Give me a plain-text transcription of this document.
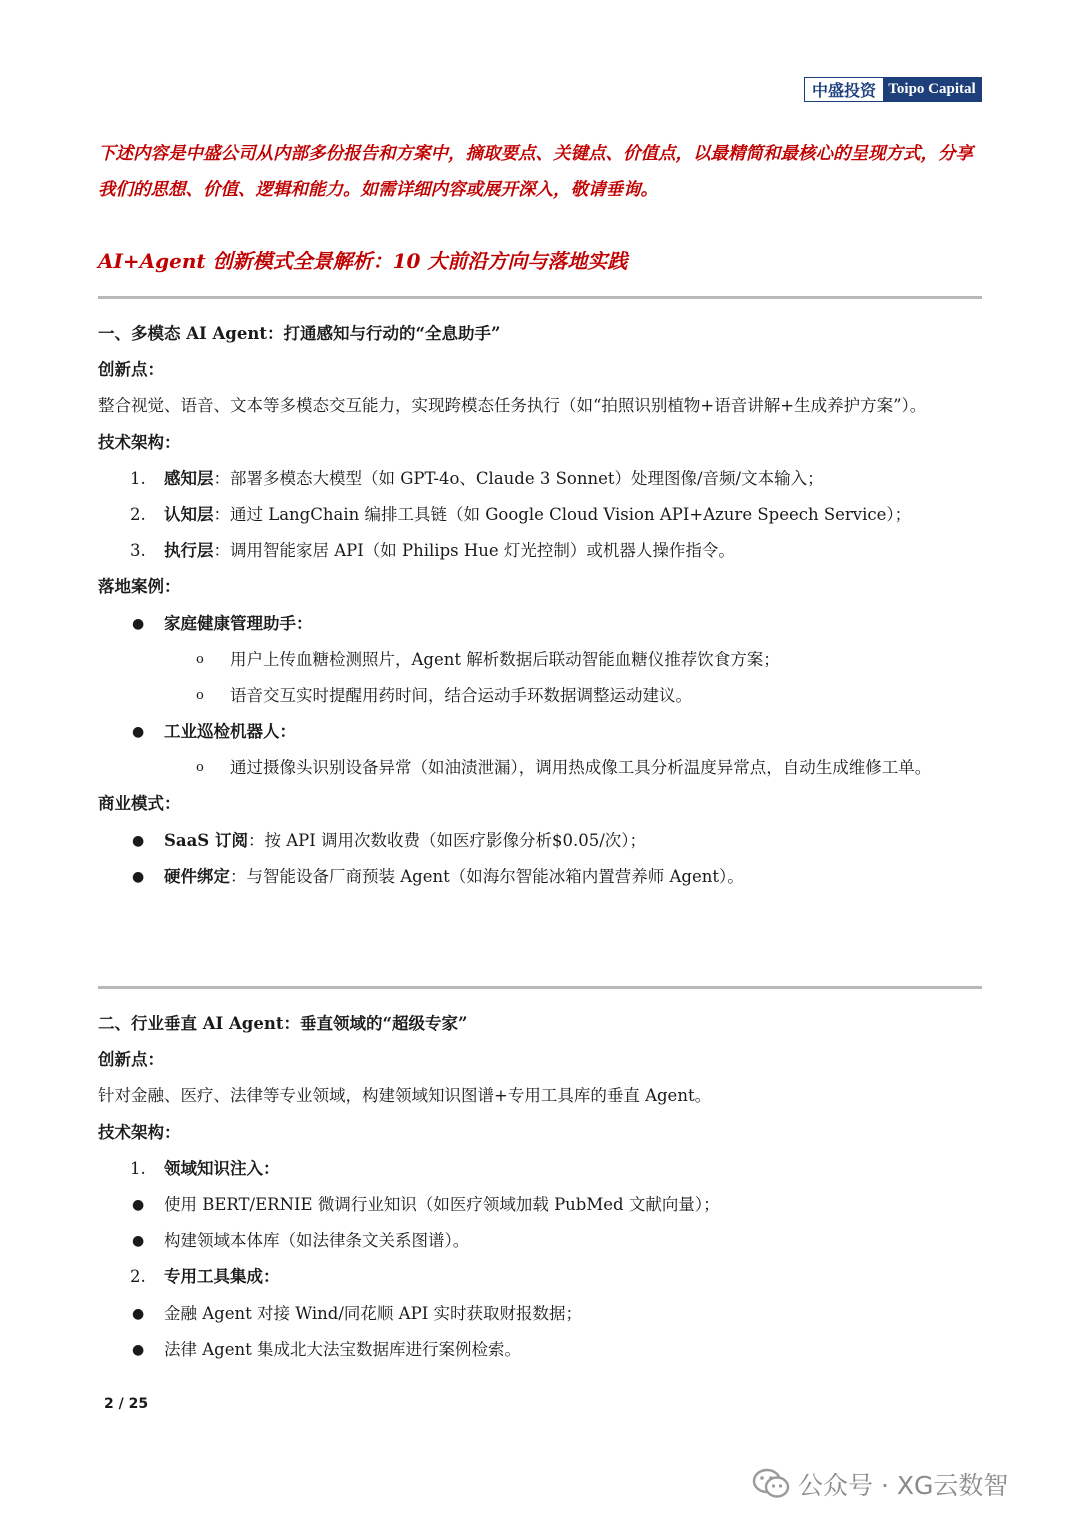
中盛投资 Toipo Capital
下述内容是中盛公司从内部多份报告和方案中，摘取要点、关键点、价值点，以最精简和最核心的呈现方式，分享我们的思想、价值、逻辑和能力。如需详细内容或展开深入，敬请垂询。
AI+Agent 创新模式全景解析：10 大前沿方向与落地实践
一、多模态 AI Agent：打通感知与行动的“全息助手”
创新点：
整合视觉、语音、文本等多模态交互能力，实现跨模态任务执行（如“拍照识别植物+语音讲解+生成养护方案”）。
技术架构：
1. 感知层：部署多模态大模型（如 GPT-4o、Claude 3 Sonnet）处理图像/音频/文本输入；
2. 认知层：通过 LangChain 编排工具链（如 Google Cloud Vision API+Azure Speech Service）；
3. 执行层：调用智能家居 API（如 Philips Hue 灯光控制）或机器人操作指令。
落地案例：
● 家庭健康管理助手：
o 用户上传血糖检测照片，Agent 解析数据后联动智能血糖仪推荐饮食方案；
o 语音交互实时提醒用药时间，结合运动手环数据调整运动建议。
● 工业巡检机器人：
o 通过摄像头识别设备异常（如油渍泄漏），调用热成像工具分析温度异常点，自动生成维修工单。
商业模式：
● SaaS 订阅：按 API 调用次数收费（如医疗影像分析$0.05/次）；
● 硬件绑定：与智能设备厂商预装 Agent（如海尔智能冰箱内置营养师 Agent）。
二、行业垂直 AI Agent：垂直领域的“超级专家”
创新点：
针对金融、医疗、法律等专业领域，构建领域知识图谱+专用工具库的垂直 Agent。
技术架构：
1. 领域知识注入：
● 使用 BERT/ERNIE 微调行业知识（如医疗领域加载 PubMed 文献向量）；
● 构建领域本体库（如法律条文关系图谱）。
2. 专用工具集成：
● 金融 Agent 对接 Wind/同花顺 API 实时获取财报数据；
● 法律 Agent 集成北大法宝数据库进行案例检索。
2 / 25
公众号 · XG云数智
